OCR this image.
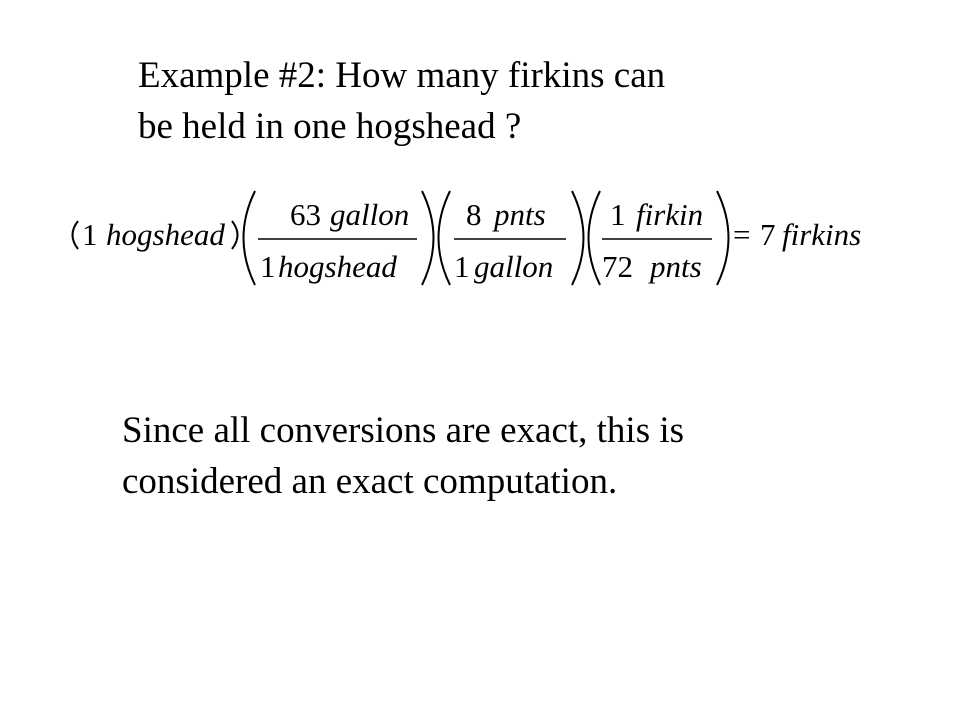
Example #2: How many firkins can
be held in one hogshead ?
1 hogshead
63 gallon
1 hogshead
8 pnts
1 gallon
1 firkin
72 pnts
= 7 firkins

Since all conversions are exact, this is
considered an exact computation.
